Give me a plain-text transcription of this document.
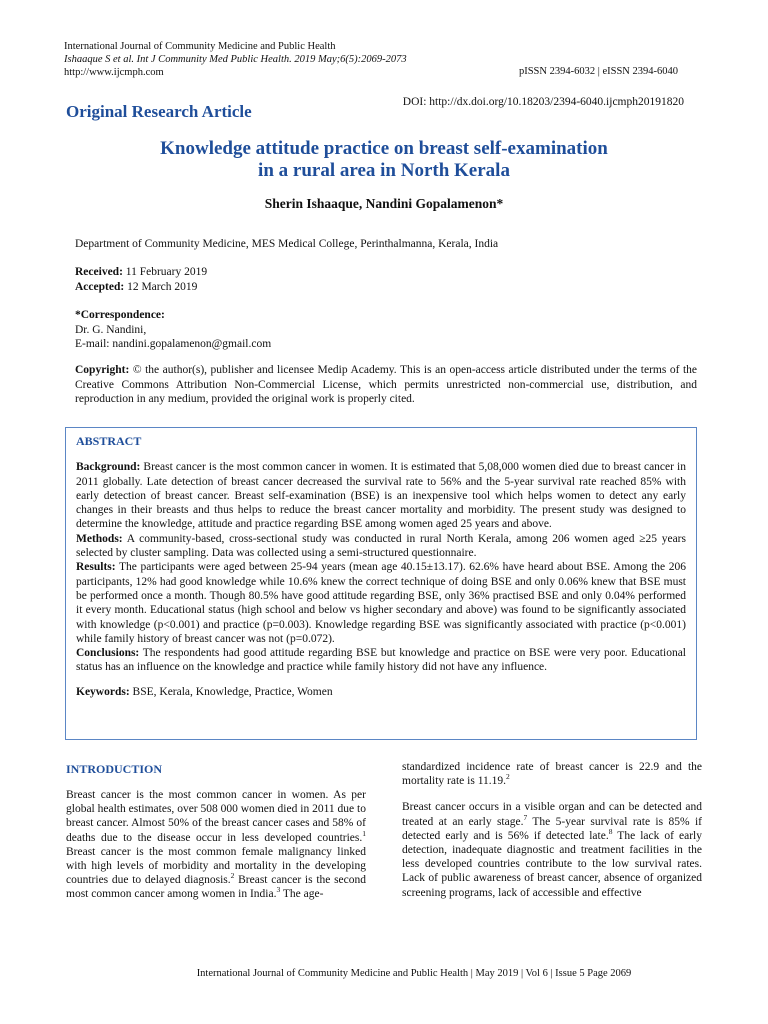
International Journal of Community Medicine and Public Health
Ishaaque S et al. Int J Community Med Public Health. 2019 May;6(5):2069-2073
http://www.ijcmph.com	pISSN 2394-6032 | eISSN 2394-6040
DOI: http://dx.doi.org/10.18203/2394-6040.ijcmph20191820
Original Research Article
Knowledge attitude practice on breast self-examination
in a rural area in North Kerala
Sherin Ishaaque, Nandini Gopalamenon*
Department of Community Medicine, MES Medical College, Perinthalmanna, Kerala, India
Received: 11 February 2019
Accepted: 12 March 2019
*Correspondence:
Dr. G. Nandini,
E-mail: nandini.gopalamenon@gmail.com
Copyright: © the author(s), publisher and licensee Medip Academy. This is an open-access article distributed under the terms of the Creative Commons Attribution Non-Commercial License, which permits unrestricted non-commercial use, distribution, and reproduction in any medium, provided the original work is properly cited.
ABSTRACT

Background: Breast cancer is the most common cancer in women. It is estimated that 5,08,000 women died due to breast cancer in 2011 globally. Late detection of breast cancer decreased the survival rate to 56% and the 5-year survival rate reached 85% with early detection of breast cancer. Breast self-examination (BSE) is an inexpensive tool which helps women to detect any early changes in their breasts and thus helps to reduce the breast cancer mortality and morbidity. The present study was designed to determine the knowledge, attitude and practice regarding BSE among women aged 25 years and above.

Methods: A community-based, cross-sectional study was conducted in rural North Kerala, among 206 women aged ≥25 years selected by cluster sampling. Data was collected using a semi-structured questionnaire.

Results: The participants were aged between 25-94 years (mean age 40.15±13.17). 62.6% have heard about BSE. Among the 206 participants, 12% had good knowledge while 10.6% knew the correct technique of doing BSE and only 0.06% knew that BSE must be performed once a month. Though 80.5% have good attitude regarding BSE, only 36% practised BSE and only 0.04% performed it every month. Educational status (high school and below vs higher secondary and above) was found to be significantly associated with knowledge (p<0.001) and practice (p=0.003). Knowledge regarding BSE was significantly associated with practice (p<0.001) while family history of breast cancer was not (p=0.072).

Conclusions: The respondents had good attitude regarding BSE but knowledge and practice on BSE were very poor. Educational status has an influence on the knowledge and practice while family history did not have any influence.

Keywords: BSE, Kerala, Knowledge, Practice, Women

INTRODUCTION

Breast cancer is the most common cancer in women. As per global health estimates, over 508 000 women died in 2011 due to breast cancer. Almost 50% of the breast cancer cases and 58% of deaths due to the disease occur in less developed countries.$^1$ Breast cancer is the most common female malignancy linked with high levels of morbidity and mortality in the developing countries due to delayed diagnosis.$^2$ Breast cancer is the second most common cancer among women in India.$^3$ The age-

standardized incidence rate of breast cancer is 22.9 and the mortality rate is 11.19.$^2$

Breast cancer occurs in a visible organ and can be detected and treated at an early stage.$^7$ The 5-year survival rate is 85% if detected early and is 56% if detected late.$^8$ The lack of early detection, inadequate diagnostic and treatment facilities in the less developed countries contribute to the low survival rates. Lack of public awareness of breast cancer, absence of organized screening programs, lack of accessible and effective

International Journal of Community Medicine and Public Health | May 2019 | Vol 6 | Issue 5 Page 2069
